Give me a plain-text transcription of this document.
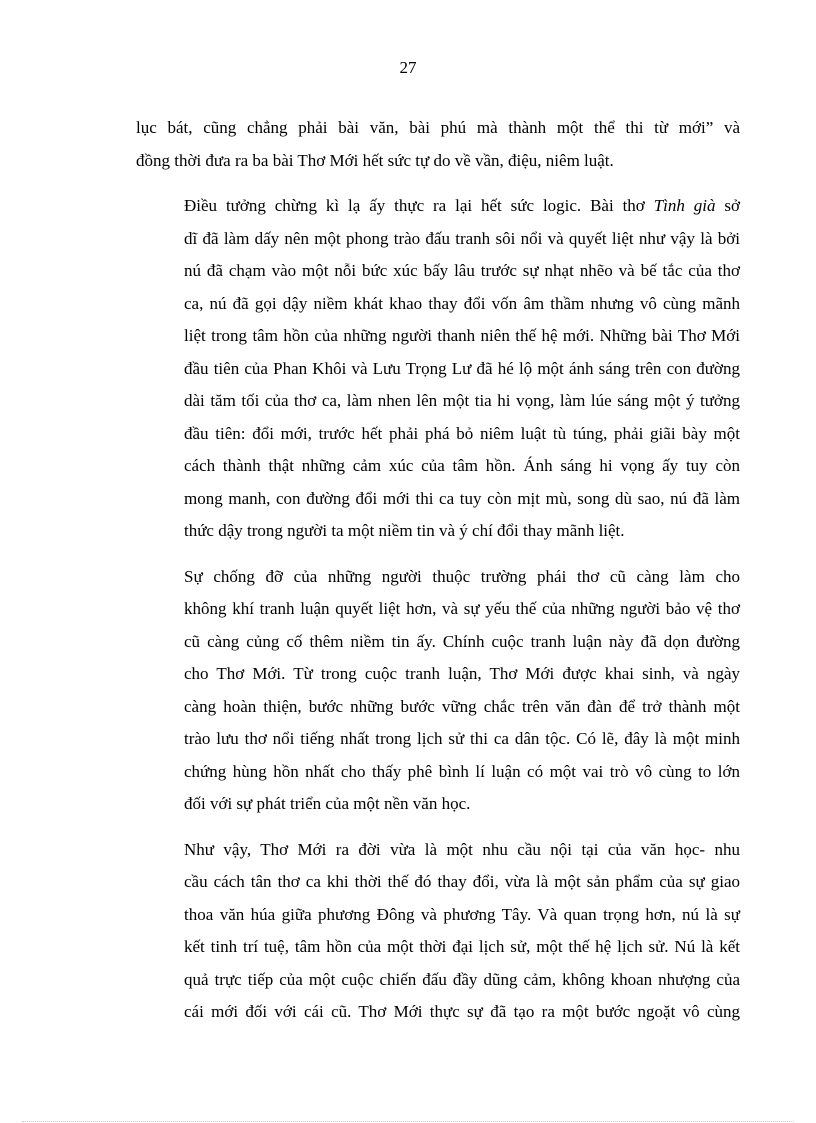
27

lục bát, cũng chẳng phải bài văn, bài phú mà thành một thể thi từ mới” và
đồng thời đưa ra ba bài Thơ Mới hết sức tự do về vần, điệu, niêm luật.

Điều tưởng chừng kì lạ ấy thực ra lại hết sức logic. Bài thơ Tình già sở
dĩ đã làm dấy nên một phong trào đấu tranh sôi nổi và quyết liệt như vậy là bởi
nú đã chạm vào một nỗi bức xúc bấy lâu trước sự nhạt nhẽo và bế tắc của thơ
ca, nú đã gọi dậy niềm khát khao thay đổi vốn âm thầm nhưng vô cùng mãnh
liệt trong tâm hồn của những người thanh niên thế hệ mới. Những bài Thơ Mới
đầu tiên của Phan Khôi và Lưu Trọng Lư đã hé lộ một ánh sáng trên con đường
dài tăm tối của thơ ca, làm nhen lên một tia hi vọng, làm lúe sáng một ý tưởng
đầu tiên: đổi mới, trước hết phải phá bỏ niêm luật tù túng, phải giãi bày một
cách thành thật những cảm xúc của tâm hồn. Ánh sáng hi vọng ấy tuy còn
mong manh, con đường đổi mới thi ca tuy còn mịt mù, song dù sao, nú đã làm
thức dậy trong người ta một niềm tin và ý chí đổi thay mãnh liệt.

Sự chống đỡ của những người thuộc trường phái thơ cũ càng làm cho
không khí tranh luận quyết liệt hơn, và sự yếu thế của những người bảo vệ thơ
cũ càng củng cố thêm niềm tin ấy. Chính cuộc tranh luận này đã dọn đường
cho Thơ Mới. Từ trong cuộc tranh luận, Thơ Mới được khai sinh, và ngày
càng hoàn thiện, bước những bước vững chắc trên văn đàn để trở thành một
trào lưu thơ nổi tiếng nhất trong lịch sử thi ca dân tộc. Có lẽ, đây là một minh
chứng hùng hồn nhất cho thấy phê bình lí luận có một vai trò vô cùng to lớn
đối với sự phát triển của một nền văn học.

Như vậy, Thơ Mới ra đời vừa là một nhu cầu nội tại của văn học- nhu
cầu cách tân thơ ca khi thời thế đó thay đổi, vừa là một sản phẩm của sự giao
thoa văn húa giữa phương Đông và phương Tây. Và quan trọng hơn, nú là sự
kết tinh trí tuệ, tâm hồn của một thời đại lịch sử, một thế hệ lịch sử. Nú là kết
quả trực tiếp của một cuộc chiến đấu đầy dũng cảm, không khoan nhượng của
cái mới đối với cái cũ. Thơ Mới thực sự đã tạo ra một bước ngoặt vô cùng
